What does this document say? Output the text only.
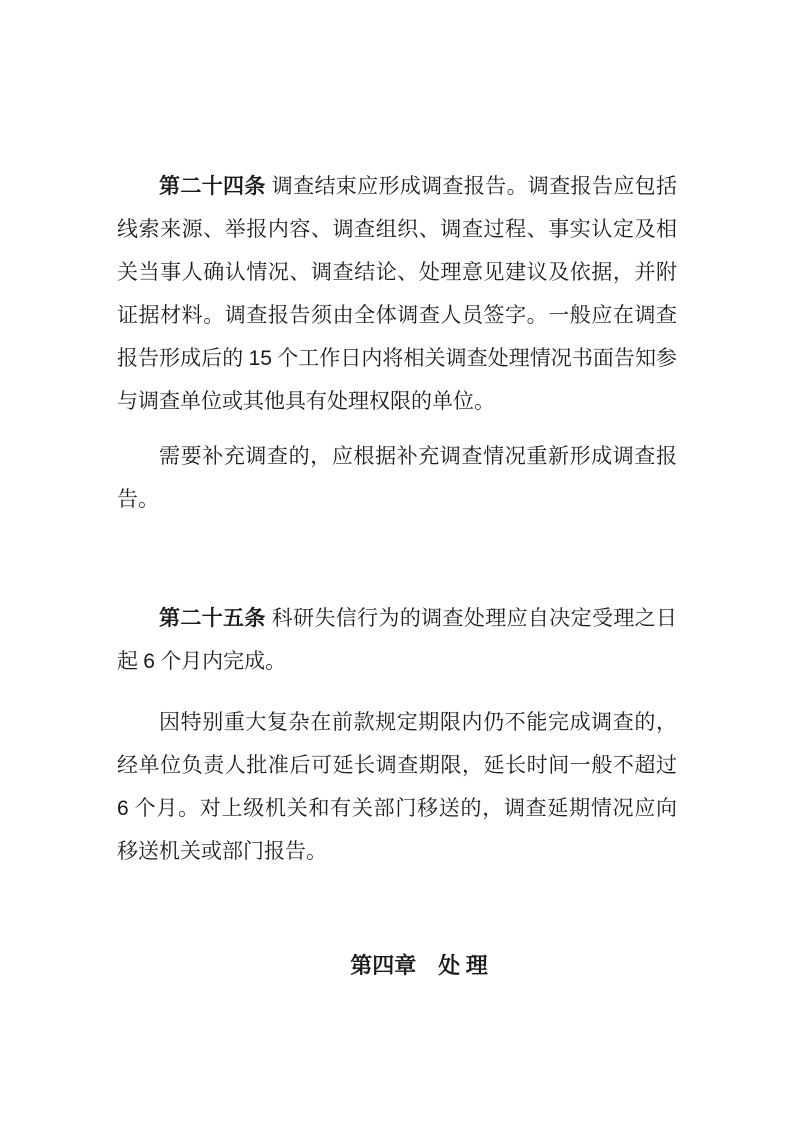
第二十四条 调查结束应形成调查报告。调查报告应包括线索来源、举报内容、调查组织、调查过程、事实认定及相关当事人确认情况、调查结论、处理意见建议及依据，并附证据材料。调查报告须由全体调查人员签字。一般应在调查报告形成后的 15 个工作日内将相关调查处理情况书面告知参与调查单位或其他具有处理权限的单位。

需要补充调查的，应根据补充调查情况重新形成调查报告。

第二十五条 科研失信行为的调查处理应自决定受理之日起 6 个月内完成。

因特别重大复杂在前款规定期限内仍不能完成调查的，经单位负责人批准后可延长调查期限，延长时间一般不超过 6 个月。对上级机关和有关部门移送的，调查延期情况应向移送机关或部门报告。

第四章　处 理
